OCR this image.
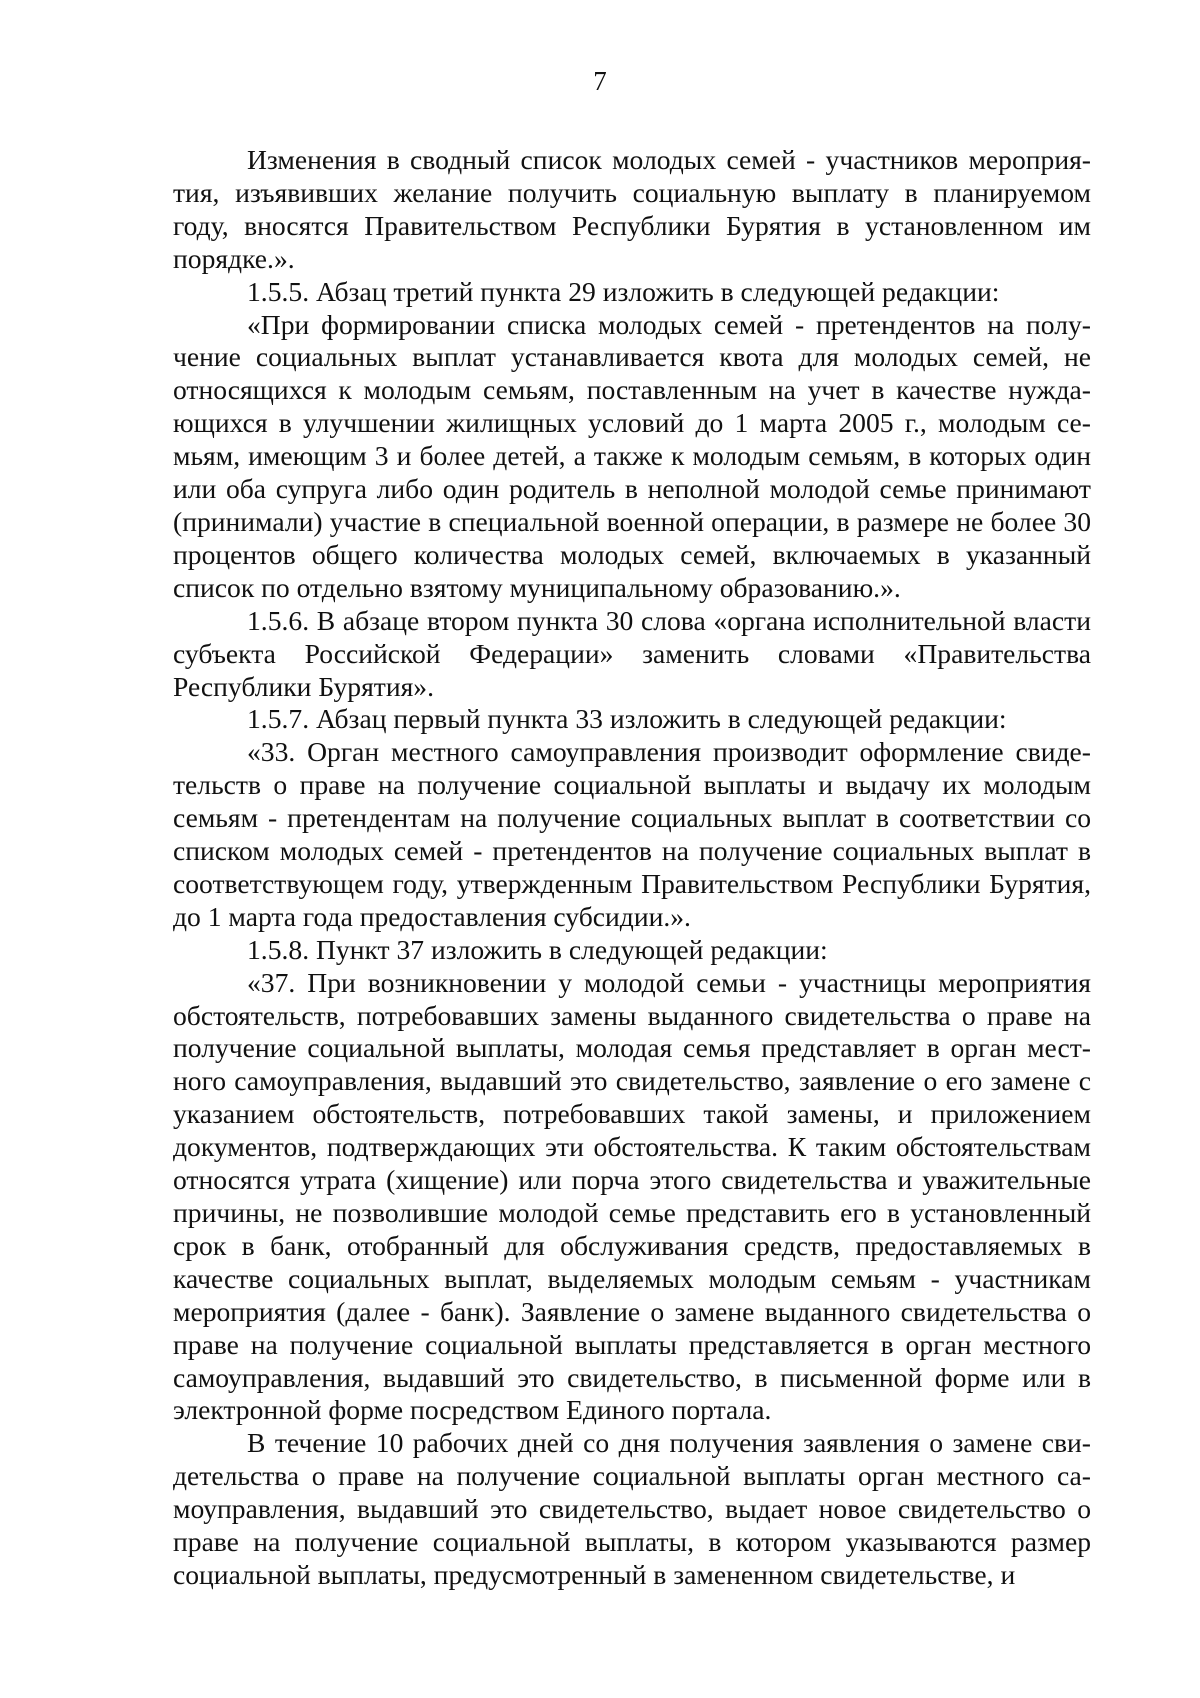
7

Изменения в сводный список молодых семей - участников мероприятия, изъявивших желание получить социальную выплату в планируемом году, вносятся Правительством Республики Бурятия в установленном им порядке.».

1.5.5. Абзац третий пункта 29 изложить в следующей редакции:

«При формировании списка молодых семей - претендентов на получение социальных выплат устанавливается квота для молодых семей, не относящихся к молодым семьям, поставленным на учет в качестве нуждающихся в улучшении жилищных условий до 1 марта 2005 г., молодым семьям, имеющим 3 и более детей, а также к молодым семьям, в которых один или оба супруга либо один родитель в неполной молодой семье принимают (принимали) участие в специальной военной операции, в размере не более 30 процентов общего количества молодых семей, включаемых в указанный список по отдельно взятому муниципальному образованию.».

1.5.6. В абзаце втором пункта 30 слова «органа исполнительной власти субъекта Российской Федерации» заменить словами «Правительства Республики Бурятия».

1.5.7. Абзац первый пункта 33 изложить в следующей редакции:

«33. Орган местного самоуправления производит оформление свидетельств о праве на получение социальной выплаты и выдачу их молодым семьям - претендентам на получение социальных выплат в соответствии со списком молодых семей - претендентов на получение социальных выплат в соответствующем году, утвержденным Правительством Республики Бурятия, до 1 марта года предоставления субсидии.».

1.5.8. Пункт 37 изложить в следующей редакции:

«37. При возникновении у молодой семьи - участницы мероприятия обстоятельств, потребовавших замены выданного свидетельства о праве на получение социальной выплаты, молодая семья представляет в орган местного самоуправления, выдавший это свидетельство, заявление о его замене с указанием обстоятельств, потребовавших такой замены, и приложением документов, подтверждающих эти обстоятельства. К таким обстоятельствам относятся утрата (хищение) или порча этого свидетельства и уважительные причины, не позволившие молодой семье представить его в установленный срок в банк, отобранный для обслуживания средств, предоставляемых в качестве социальных выплат, выделяемых молодым семьям - участникам мероприятия (далее - банк). Заявление о замене выданного свидетельства о праве на получение социальной выплаты представляется в орган местного самоуправления, выдавший это свидетельство, в письменной форме или в электронной форме посредством Единого портала.

В течение 10 рабочих дней со дня получения заявления о замене свидетельства о праве на получение социальной выплаты орган местного самоуправления, выдавший это свидетельство, выдает новое свидетельство о праве на получение социальной выплаты, в котором указываются размер социальной выплаты, предусмотренный в замененном свидетельстве, и
